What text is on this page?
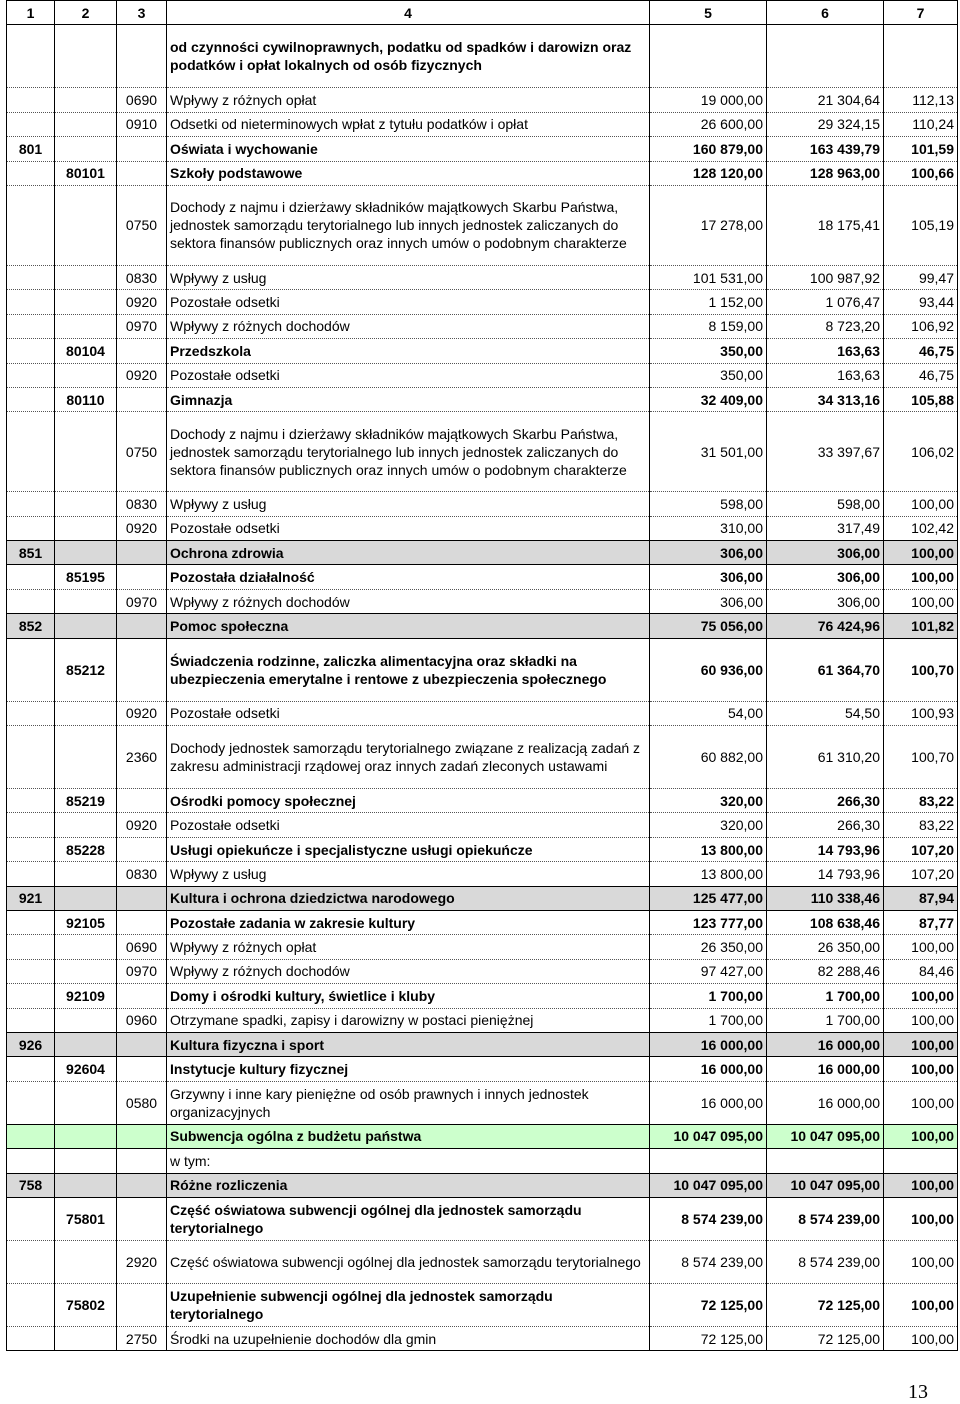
1	2	3	4	5	6	7
			od czynności cywilnoprawnych, podatku od spadków i darowizn oraz podatków i opłat lokalnych od osób fizycznych			
		0690	Wpływy z różnych opłat	19 000,00	21 304,64	112,13
		0910	Odsetki od nieterminowych wpłat z tytułu podatków i opłat	26 600,00	29 324,15	110,24
801			Oświata i wychowanie	160 879,00	163 439,79	101,59
	80101		Szkoły podstawowe	128 120,00	128 963,00	100,66
		0750	Dochody z najmu i dzierżawy składników majątkowych Skarbu Państwa, jednostek samorządu terytorialnego lub innych jednostek zaliczanych do sektora finansów publicznych oraz innych umów o podobnym charakterze	17 278,00	18 175,41	105,19
		0830	Wpływy z usług	101 531,00	100 987,92	99,47
		0920	Pozostałe odsetki	1 152,00	1 076,47	93,44
		0970	Wpływy z różnych dochodów	8 159,00	8 723,20	106,92
	80104		Przedszkola	350,00	163,63	46,75
		0920	Pozostałe odsetki	350,00	163,63	46,75
	80110		Gimnazja	32 409,00	34 313,16	105,88
		0750	Dochody z najmu i dzierżawy składników majątkowych Skarbu Państwa, jednostek samorządu terytorialnego lub innych jednostek zaliczanych do sektora finansów publicznych oraz innych umów o podobnym charakterze	31 501,00	33 397,67	106,02
		0830	Wpływy z usług	598,00	598,00	100,00
		0920	Pozostałe odsetki	310,00	317,49	102,42
851			Ochrona zdrowia	306,00	306,00	100,00
	85195		Pozostała działalność	306,00	306,00	100,00
		0970	Wpływy z różnych dochodów	306,00	306,00	100,00
852			Pomoc społeczna	75 056,00	76 424,96	101,82
	85212		Świadczenia rodzinne, zaliczka alimentacyjna oraz składki na ubezpieczenia emerytalne i rentowe z ubezpieczenia społecznego	60 936,00	61 364,70	100,70
		0920	Pozostałe odsetki	54,00	54,50	100,93
		2360	Dochody jednostek samorządu terytorialnego związane z realizacją zadań z zakresu administracji rządowej oraz innych zadań zleconych ustawami	60 882,00	61 310,20	100,70
	85219		Ośrodki pomocy społecznej	320,00	266,30	83,22
		0920	Pozostałe odsetki	320,00	266,30	83,22
	85228		Usługi opiekuńcze i specjalistyczne usługi opiekuńcze	13 800,00	14 793,96	107,20
		0830	Wpływy z usług	13 800,00	14 793,96	107,20
921			Kultura i ochrona dziedzictwa narodowego	125 477,00	110 338,46	87,94
	92105		Pozostałe zadania w zakresie kultury	123 777,00	108 638,46	87,77
		0690	Wpływy z różnych opłat	26 350,00	26 350,00	100,00
		0970	Wpływy z różnych dochodów	97 427,00	82 288,46	84,46
	92109		Domy i ośrodki kultury, świetlice i kluby	1 700,00	1 700,00	100,00
		0960	Otrzymane spadki, zapisy i darowizny w postaci pieniężnej	1 700,00	1 700,00	100,00
926			Kultura fizyczna i sport	16 000,00	16 000,00	100,00
	92604		Instytucje kultury fizycznej	16 000,00	16 000,00	100,00
		0580	Grzywny i inne kary pieniężne od osób prawnych i innych jednostek organizacyjnych	16 000,00	16 000,00	100,00
			Subwencja ogólna z budżetu państwa	10 047 095,00	10 047 095,00	100,00
			w tym:			
758			Różne rozliczenia	10 047 095,00	10 047 095,00	100,00
	75801		Część oświatowa subwencji ogólnej dla jednostek samorządu terytorialnego	8 574 239,00	8 574 239,00	100,00
		2920	Część oświatowa subwencji ogólnej dla jednostek samorządu terytorialnego	8 574 239,00	8 574 239,00	100,00
	75802		Uzupełnienie subwencji ogólnej dla jednostek samorządu terytorialnego	72 125,00	72 125,00	100,00
		2750	Środki na uzupełnienie dochodów dla gmin	72 125,00	72 125,00	100,00
13
